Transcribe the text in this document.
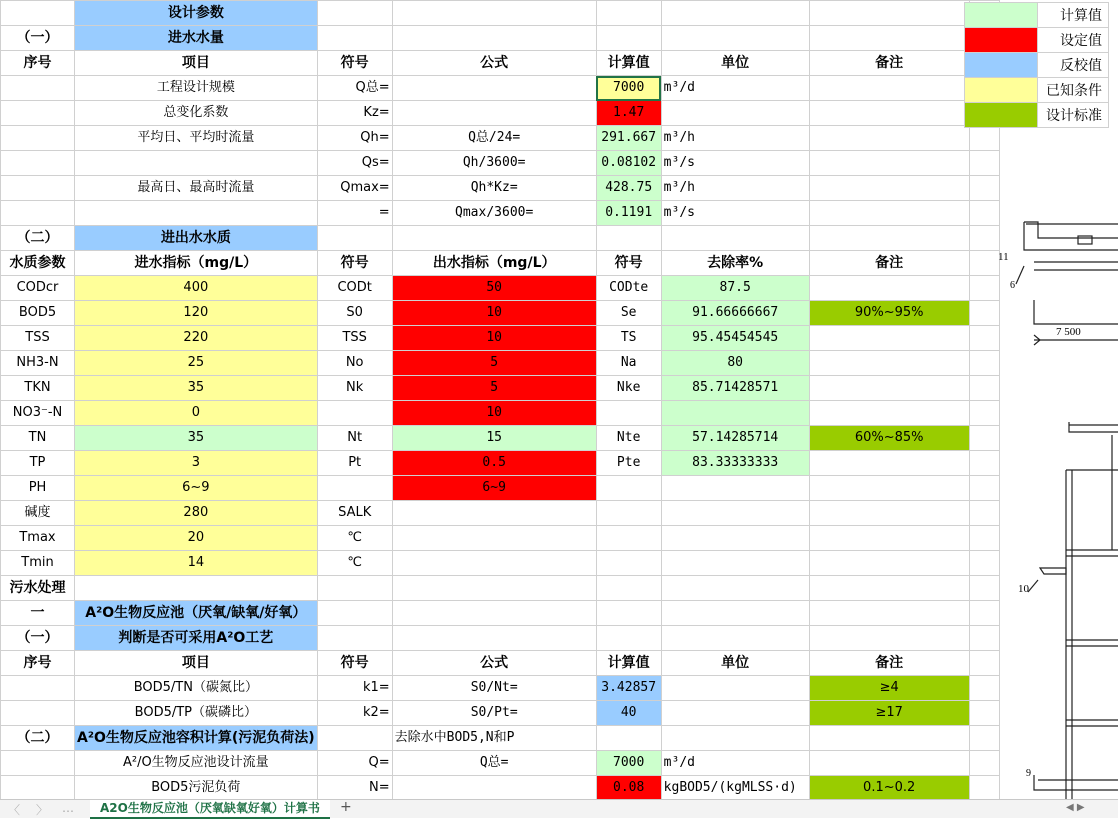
	设计参数						
（一）	进水水量						
序号	项目	符号	公式	计算值	单位	备注	
	工程设计规模	Q总=		7000	m³/d		
	总变化系数	Kz=		1.47			
	平均日、平均时流量	Qh=	Q总/24=	291.667	m³/h		
		Qs=	Qh/3600=	0.08102	m³/s		
	最高日、最高时流量	Qmax=	Qh*Kz=	428.75	m³/h		
		=	Qmax/3600=	0.1191	m³/s		
（二）	进出水水质						
水质参数	进水指标（mg/L）	符号	出水指标（mg/L）	符号	去除率%	备注	
CODcr	400	CODt	50	CODte	87.5		
BOD5	120	S0	10	Se	91.66666667	90%~95%	
TSS	220	TSS	10	TS	95.45454545		
NH3-N	25	No	5	Na	80		
TKN	35	Nk	5	Nke	85.71428571		
NO3⁻-N	0		10				
TN	35	Nt	15	Nte	57.14285714	60%~85%	
TP	3	Pt	0.5	Pte	83.33333333		
PH	6~9		6~9				
碱度	280	SALK					
Tmax	20	℃					
Tmin	14	℃					
污水处理							
一	A²O生物反应池（厌氧/缺氧/好氧）						
（一）	判断是否可采用A²O工艺						
序号	项目	符号	公式	计算值	单位	备注	
	BOD5/TN（碳氮比）	k1=	S0/Nt=	3.42857		≥4	
	BOD5/TP（碳磷比）	k2=	S0/Pt=	40		≥17	
（二）	A²O生物反应池容积计算(污泥负荷法)		去除水中BOD5,N和P				
	A²/O生物反应池设计流量	Q=	Q总=	7000	m³/d		
	BOD5污泥负荷	N=		0.08	kgBOD5/(kgMLSS·d)	0.1~0.2	
	计算值
	设定值
	反校值
	已知条件
	设计标准
11
6
7 500
10
9
〈 〉 …	A2O生物反应池（厌氧缺氧好氧）计算书	+	◀ ▶
